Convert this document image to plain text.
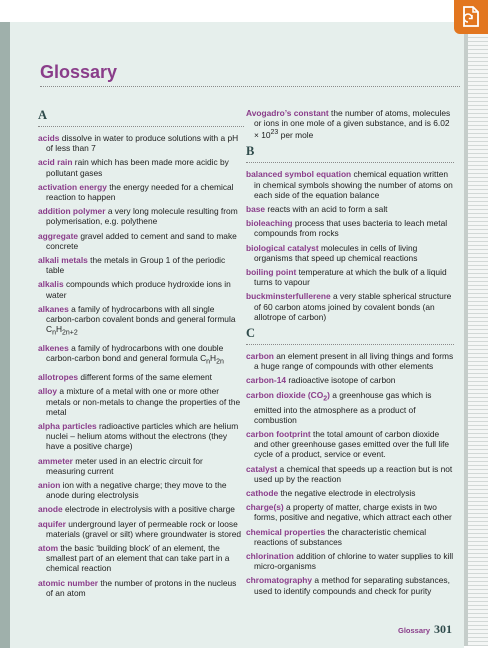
Glossary
A

acids dissolve in water to produce solutions with a pH of less than 7

acid rain rain which has been made more acidic by pollutant gases

activation energy the energy needed for a chemical reaction to happen

addition polymer a very long molecule resulting from polymerisation, e.g. polythene

aggregate gravel added to cement and sand to make concrete

alkali metals the metals in Group 1 of the periodic table

alkalis compounds which produce hydroxide ions in water

alkanes a family of hydrocarbons with all single carbon-carbon covalent bonds and general formula $C_nH_{2n+2}$

alkenes a family of hydrocarbons with one double carbon-carbon bond and general formula $C_nH_{2n}$

allotropes different forms of the same element

alloy a mixture of a metal with one or more other metals or non-metals to change the properties of the metal

alpha particles radioactive particles which are helium nuclei – helium atoms without the electrons (they have a positive charge)

ammeter meter used in an electric circuit for measuring current

anion ion with a negative charge; they move to the anode during electrolysis

anode electrode in electrolysis with a positive charge

aquifer underground layer of permeable rock or loose materials (gravel or silt) where groundwater is stored

atom the basic ‘building block’ of an element, the smallest part of an element that can take part in a chemical reaction

atomic number the number of protons in the nucleus of an atom

Avogadro’s constant the number of atoms, molecules or ions in one mole of a given substance, and is $6.02 \times 10^{23}$ per mole

B

balanced symbol equation chemical equation written in chemical symbols showing the number of atoms on each side of the equation balance

base reacts with an acid to form a salt

bioleaching process that uses bacteria to leach metal compounds from rocks

biological catalyst molecules in cells of living organisms that speed up chemical reactions

boiling point temperature at which the bulk of a liquid turns to vapour

buckminsterfullerene a very stable spherical structure of 60 carbon atoms joined by covalent bonds (an allotrope of carbon)

C

carbon an element present in all living things and forms a huge range of compounds with other elements

carbon-14 radioactive isotope of carbon

carbon dioxide $(CO_2)$ a greenhouse gas which is emitted into the atmosphere as a product of combustion

carbon footprint the total amount of carbon dioxide and other greenhouse gases emitted over the full life cycle of a product, service or event.

catalyst a chemical that speeds up a reaction but is not used up by the reaction

cathode the negative electrode in electrolysis

charge(s) a property of matter, charge exists in two forms, positive and negative, which attract each other

chemical properties the characteristic chemical reactions of substances

chlorination addition of chlorine to water supplies to kill micro-organisms

chromatography a method for separating substances, used to identify compounds and check for purity

Glossary 301
